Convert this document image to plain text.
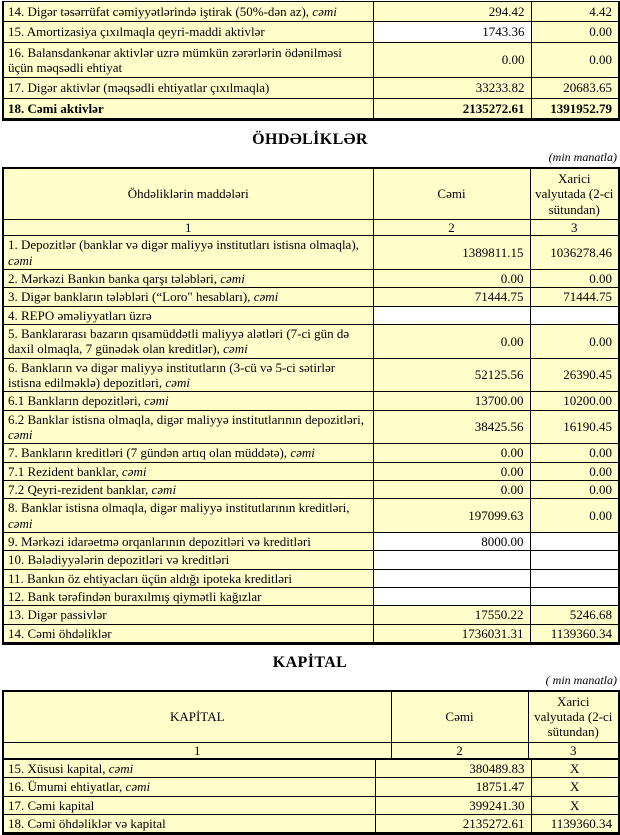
14. Digər təsərrüfat cəmiyyətlərində iştirak (50%-dən az), cəmi	294.42	4.42
15. Amortizasiya çıxılmaqla qeyri-maddi aktivlər	1743.36	0.00
16. Balansdankənar aktivlər uzrə mümkün zərərlərin ödənilməsi üçün məqsədli ehtiyat	0.00	0.00
17. Digər aktivlər (məqsədli ehtiyatlar çıxılmaqla)	33233.82	20683.65
18. Cəmi aktivlər	2135272.61	1391952.79
ÖHDƏLİKLƏR
(min manatla)
Öhdəliklərin maddələri	Cəmi	Xarici valyutada (2-ci sütundan)
1	2	3
1. Depozitlər (banklar və digər maliyyə institutları istisna olmaqla), cəmi	1389811.15	1036278.46
2. Mərkəzi Bankın banka qarşı tələbləri, cəmi	0.00	0.00
3. Digər bankların tələbləri (“Loro" hesabları), cəmi	71444.75	71444.75
4. REPO əməliyyatları üzrə		
5. Banklararası bazarın qısamüddətli maliyyə alətləri (7-ci gün də daxil olmaqla, 7 günədək olan kreditlər), cəmi	0.00	0.00
6. Bankların və digər maliyyə institutların (3-cü və 5-ci sətirlər istisna edilməklə) depozitləri, cəmi	52125.56	26390.45
6.1 Bankların depozitləri, cəmi	13700.00	10200.00
6.2 Banklar istisna olmaqla, digər maliyyə institutlarının depozitləri, cəmi	38425.56	16190.45
7. Bankların kreditləri (7 gündən artıq olan müddətə), cəmi	0.00	0.00
7.1 Rezident banklar, cəmi	0.00	0.00
7.2 Qeyri-rezident banklar, cəmi	0.00	0.00
8. Banklar istisna olmaqla, digər maliyyə institutlarının kreditləri, cəmi	197099.63	0.00
9. Mərkəzi idarəetmə orqanlarının depozitləri və kreditləri	8000.00	
10. Bələdiyyələrin depozitləri və kreditləri		
11. Bankın öz ehtiyacları üçün aldığı ipoteka kreditləri		
12. Bank tərəfindən buraxılmış qiymətli kağızlar		
13. Digər passivlər	17550.22	5246.68
14. Cəmi öhdəliklər	1736031.31	1139360.34
KAPİTAL
( min manatla)
KAPİTAL	Cəmi	Xarici valyutada (2-ci sütundan)
1	2	3
15. Xüsusi kapital, cəmi	380489.83	X
16. Ümumi ehtiyatlar, cəmi	18751.47	X
17. Cəmi kapital	399241.30	X
18. Cəmi öhdəliklər və kapital	2135272.61	1139360.34
